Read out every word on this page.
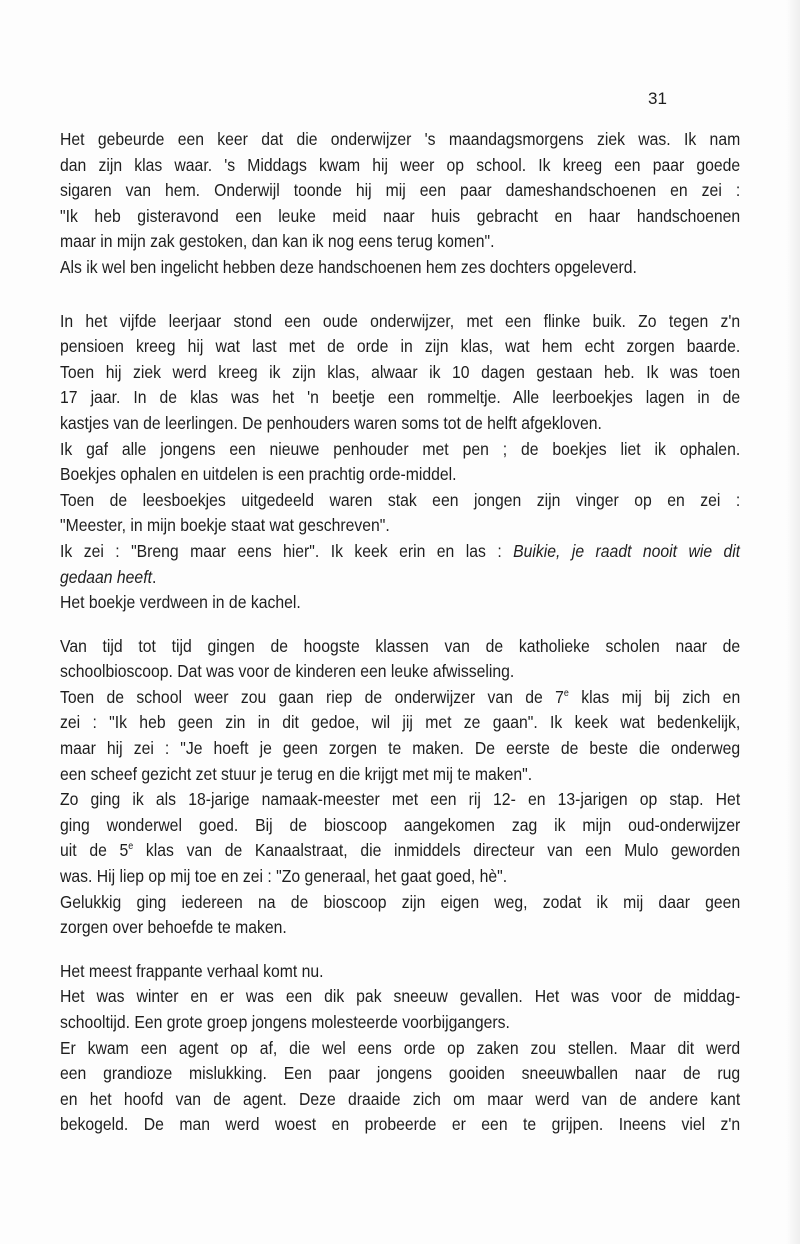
31
Het gebeurde een keer dat die onderwijzer 's maandagsmorgens ziek was. Ik nam
dan zijn klas waar. 's Middags kwam hij weer op school. Ik kreeg een paar goede
sigaren van hem. Onderwijl toonde hij mij een paar dameshandschoenen en zei :
"Ik heb gisteravond een leuke meid naar huis gebracht en haar handschoenen
maar in mijn zak gestoken, dan kan ik nog eens terug komen".
Als ik wel ben ingelicht hebben deze handschoenen hem zes dochters opgeleverd.
In het vijfde leerjaar stond een oude onderwijzer, met een flinke buik. Zo tegen z'n
pensioen kreeg hij wat last met de orde in zijn klas, wat hem echt zorgen baarde.
Toen hij ziek werd kreeg ik zijn klas, alwaar ik 10 dagen gestaan heb. Ik was toen
17 jaar. In de klas was het 'n beetje een rommeltje. Alle leerboekjes lagen in de
kastjes van de leerlingen. De penhouders waren soms tot de helft afgekloven.
Ik gaf alle jongens een nieuwe penhouder met pen ; de boekjes liet ik ophalen.
Boekjes ophalen en uitdelen is een prachtig orde-middel.
Toen de leesboekjes uitgedeeld waren stak een jongen zijn vinger op en zei :
"Meester, in mijn boekje staat wat geschreven".
Ik zei : "Breng maar eens hier". Ik keek erin en las : Buikie, je raadt nooit wie dit
gedaan heeft.
Het boekje verdween in de kachel.
Van tijd tot tijd gingen de hoogste klassen van de katholieke scholen naar de
schoolbioscoop. Dat was voor de kinderen een leuke afwisseling.
Toen de school weer zou gaan riep de onderwijzer van de 7e klas mij bij zich en
zei : "Ik heb geen zin in dit gedoe, wil jij met ze gaan". Ik keek wat bedenkelijk,
maar hij zei : "Je hoeft je geen zorgen te maken. De eerste de beste die onderweg
een scheef gezicht zet stuur je terug en die krijgt met mij te maken".
Zo ging ik als 18-jarige namaak-meester met een rij 12- en 13-jarigen op stap. Het
ging wonderwel goed. Bij de bioscoop aangekomen zag ik mijn oud-onderwijzer
uit de 5e klas van de Kanaalstraat, die inmiddels directeur van een Mulo geworden
was. Hij liep op mij toe en zei : "Zo generaal, het gaat goed, hè".
Gelukkig ging iedereen na de bioscoop zijn eigen weg, zodat ik mij daar geen
zorgen over behoefde te maken.
Het meest frappante verhaal komt nu.
Het was winter en er was een dik pak sneeuw gevallen. Het was voor de middag-
schooltijd. Een grote groep jongens molesteerde voorbijgangers.
Er kwam een agent op af, die wel eens orde op zaken zou stellen. Maar dit werd
een grandioze mislukking. Een paar jongens gooiden sneeuwballen naar de rug
en het hoofd van de agent. Deze draaide zich om maar werd van de andere kant
bekogeld. De man werd woest en probeerde er een te grijpen. Ineens viel z'n
